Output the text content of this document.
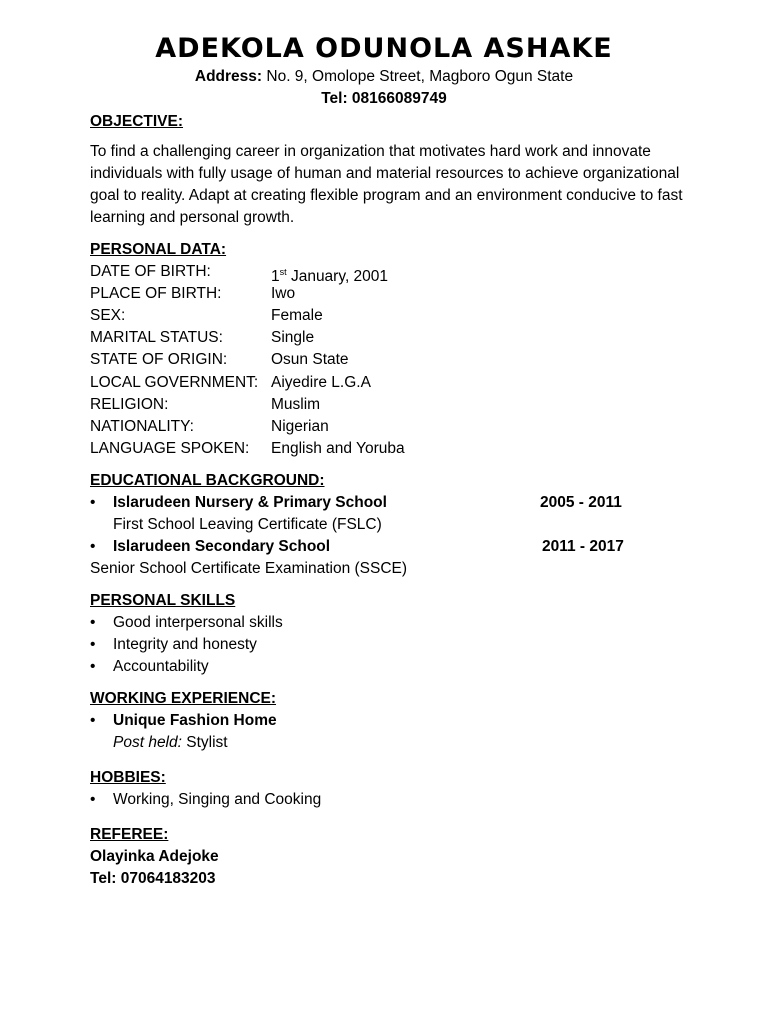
ADEKOLA ODUNOLA ASHAKE
Address: No. 9, Omolope Street, Magboro Ogun State
Tel: 08166089749
OBJECTIVE:
To find a challenging career in organization that motivates hard work and innovate individuals with fully usage of human and material resources to achieve organizational goal to reality. Adapt at creating flexible program and an environment conducive to fast learning and personal growth.
PERSONAL DATA:
DATE OF BIRTH:	1st January, 2001
PLACE OF BIRTH:	Iwo
SEX:	Female
MARITAL STATUS:	Single
STATE OF ORIGIN:	Osun State
LOCAL GOVERNMENT: Aiyedire L.G.A
RELIGION:	Muslim
NATIONALITY:	Nigerian
LANGUAGE SPOKEN: English and Yoruba
EDUCATIONAL BACKGROUND:
• Islarudeen Nursery & Primary School	2005 - 2011
First School Leaving Certificate (FSLC)
• Islarudeen Secondary School	2011 - 2017
Senior School Certificate Examination (SSCE)
PERSONAL SKILLS
• Good interpersonal skills
• Integrity and honesty
• Accountability
WORKING EXPERIENCE:
• Unique Fashion Home
Post held: Stylist
HOBBIES:
• Working, Singing and Cooking
REFEREE:
Olayinka Adejoke
Tel: 07064183203
